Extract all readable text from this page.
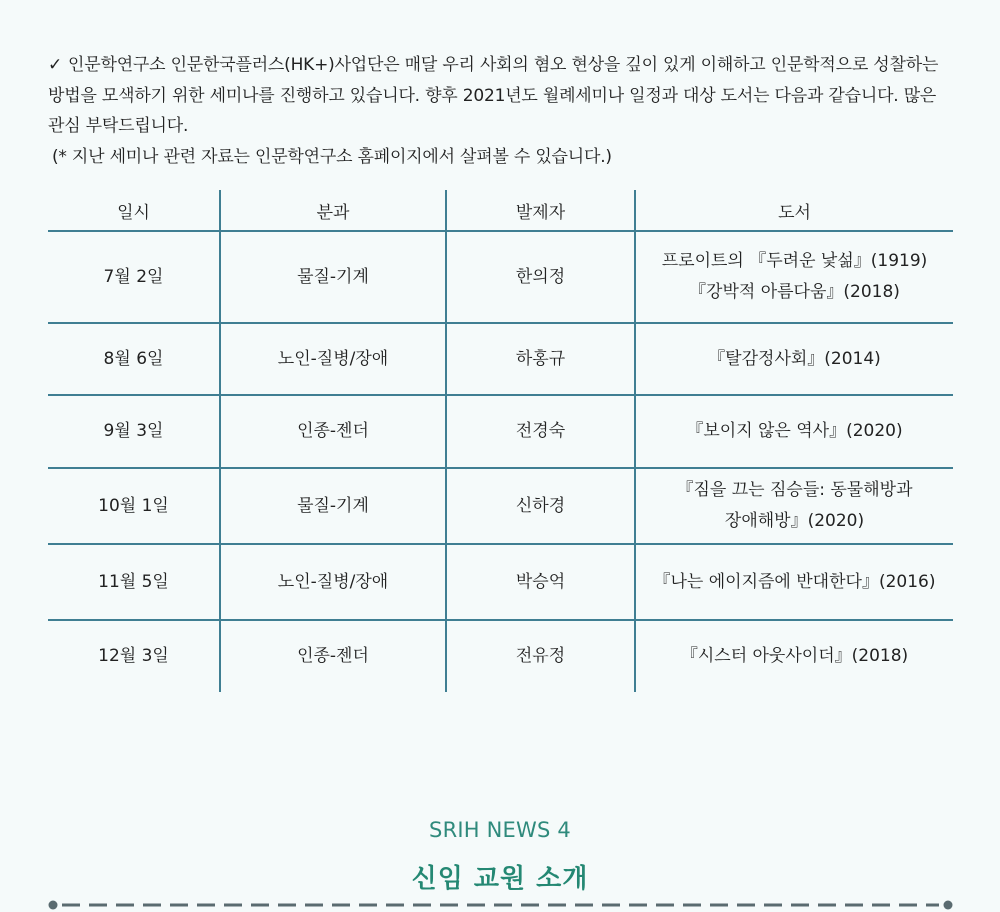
✓ 인문학연구소 인문한국플러스(HK+)사업단은 매달 우리 사회의 혐오 현상을 깊이 있게 이해하고 인문학적으로 성찰하는 방법을 모색하기 위한 세미나를 진행하고 있습니다. 향후 2021년도 월례세미나 일정과 대상 도서는 다음과 같습니다. 많은 관심 부탁드립니다.

(* 지난 세미나 관련 자료는 인문학연구소 홈페이지에서 살펴볼 수 있습니다.)

일시	분과	발제자	도서
7월 2일	물질-기계	한의정	프로이트의 『두려운 낯섦』(1919) 『강박적 아름다움』(2018)
8월 6일	노인-질병/장애	하홍규	『탈감정사회』(2014)
9월 3일	인종-젠더	전경숙	『보이지 않은 역사』(2020)
10월 1일	물질-기계	신하경	『짐을 끄는 짐승들: 동물해방과 장애해방』(2020)
11월 5일	노인-질병/장애	박승억	『나는 에이지즘에 반대한다』(2016)
12월 3일	인종-젠더	전유정	『시스터 아웃사이더』(2018)
SRIH NEWS 4
신임 교원 소개
